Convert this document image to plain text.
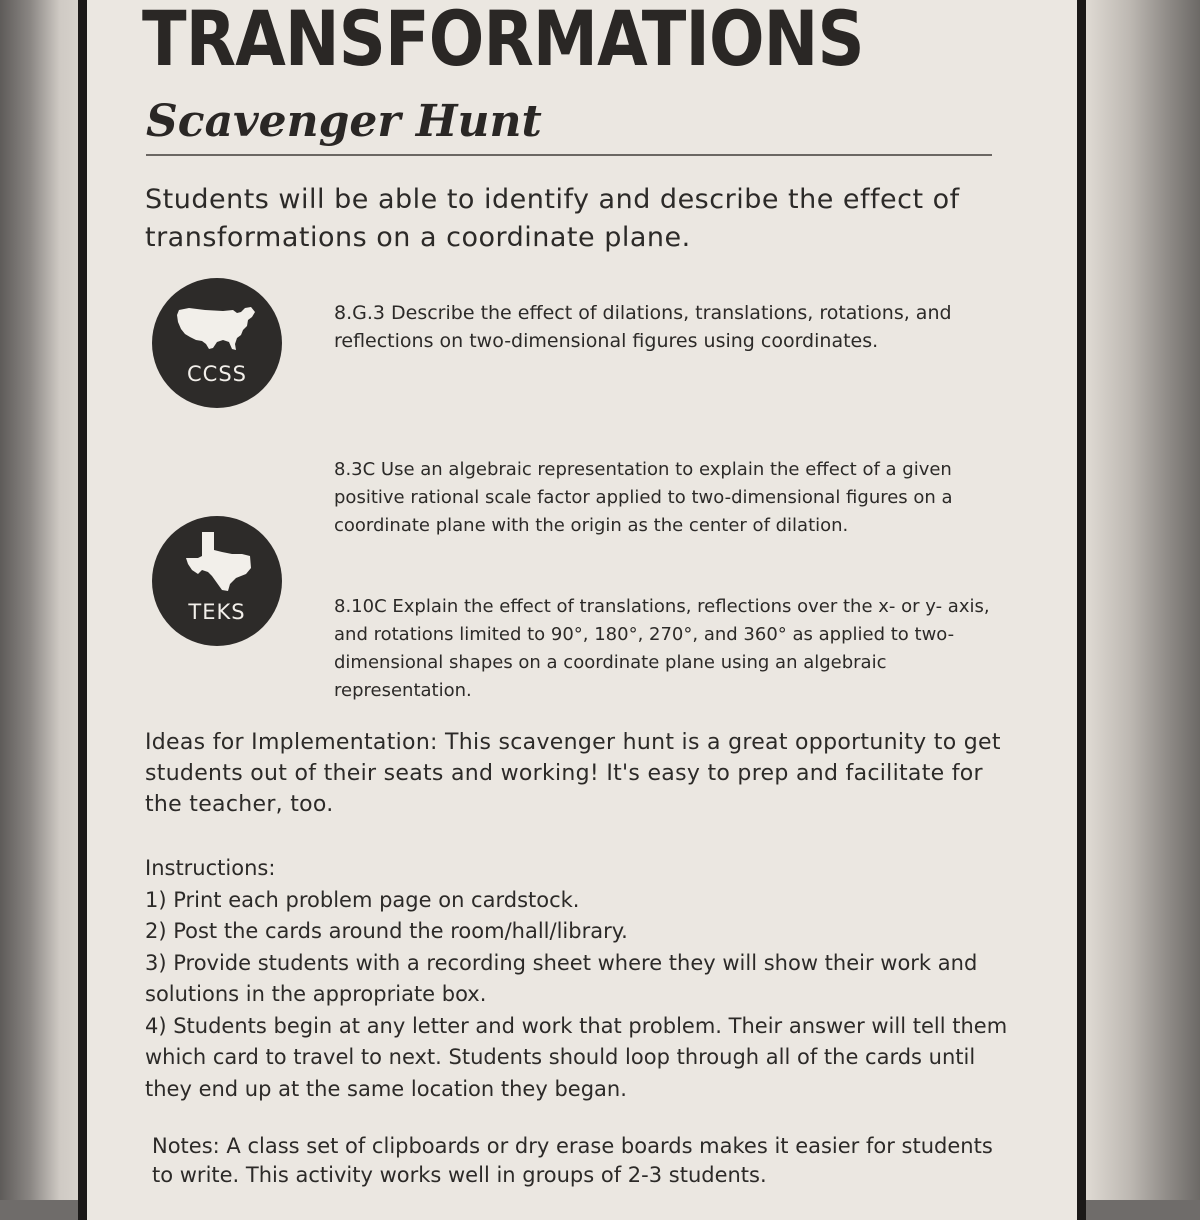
TRANSFORMATIONS
Scavenger Hunt

Students will be able to identify and describe the effect of transformations on a coordinate plane.

CCSS

8.G.3 Describe the effect of dilations, translations, rotations, and reflections on two-dimensional figures using coordinates.

TEKS

8.3C Use an algebraic representation to explain the effect of a given positive rational scale factor applied to two-dimensional figures on a coordinate plane with the origin as the center of dilation.

8.10C Explain the effect of translations, reflections over the x- or y- axis, and rotations limited to 90°, 180°, 270°, and 360° as applied to two-dimensional shapes on a coordinate plane using an algebraic representation.

Ideas for Implementation: This scavenger hunt is a great opportunity to get students out of their seats and working! It's easy to prep and facilitate for the teacher, too.

Instructions:
1) Print each problem page on cardstock.
2) Post the cards around the room/hall/library.
3) Provide students with a recording sheet where they will show their work and solutions in the appropriate box.
4) Students begin at any letter and work that problem. Their answer will tell them which card to travel to next. Students should loop through all of the cards until they end up at the same location they began.

Notes: A class set of clipboards or dry erase boards makes it easier for students to write. This activity works well in groups of 2-3 students.
